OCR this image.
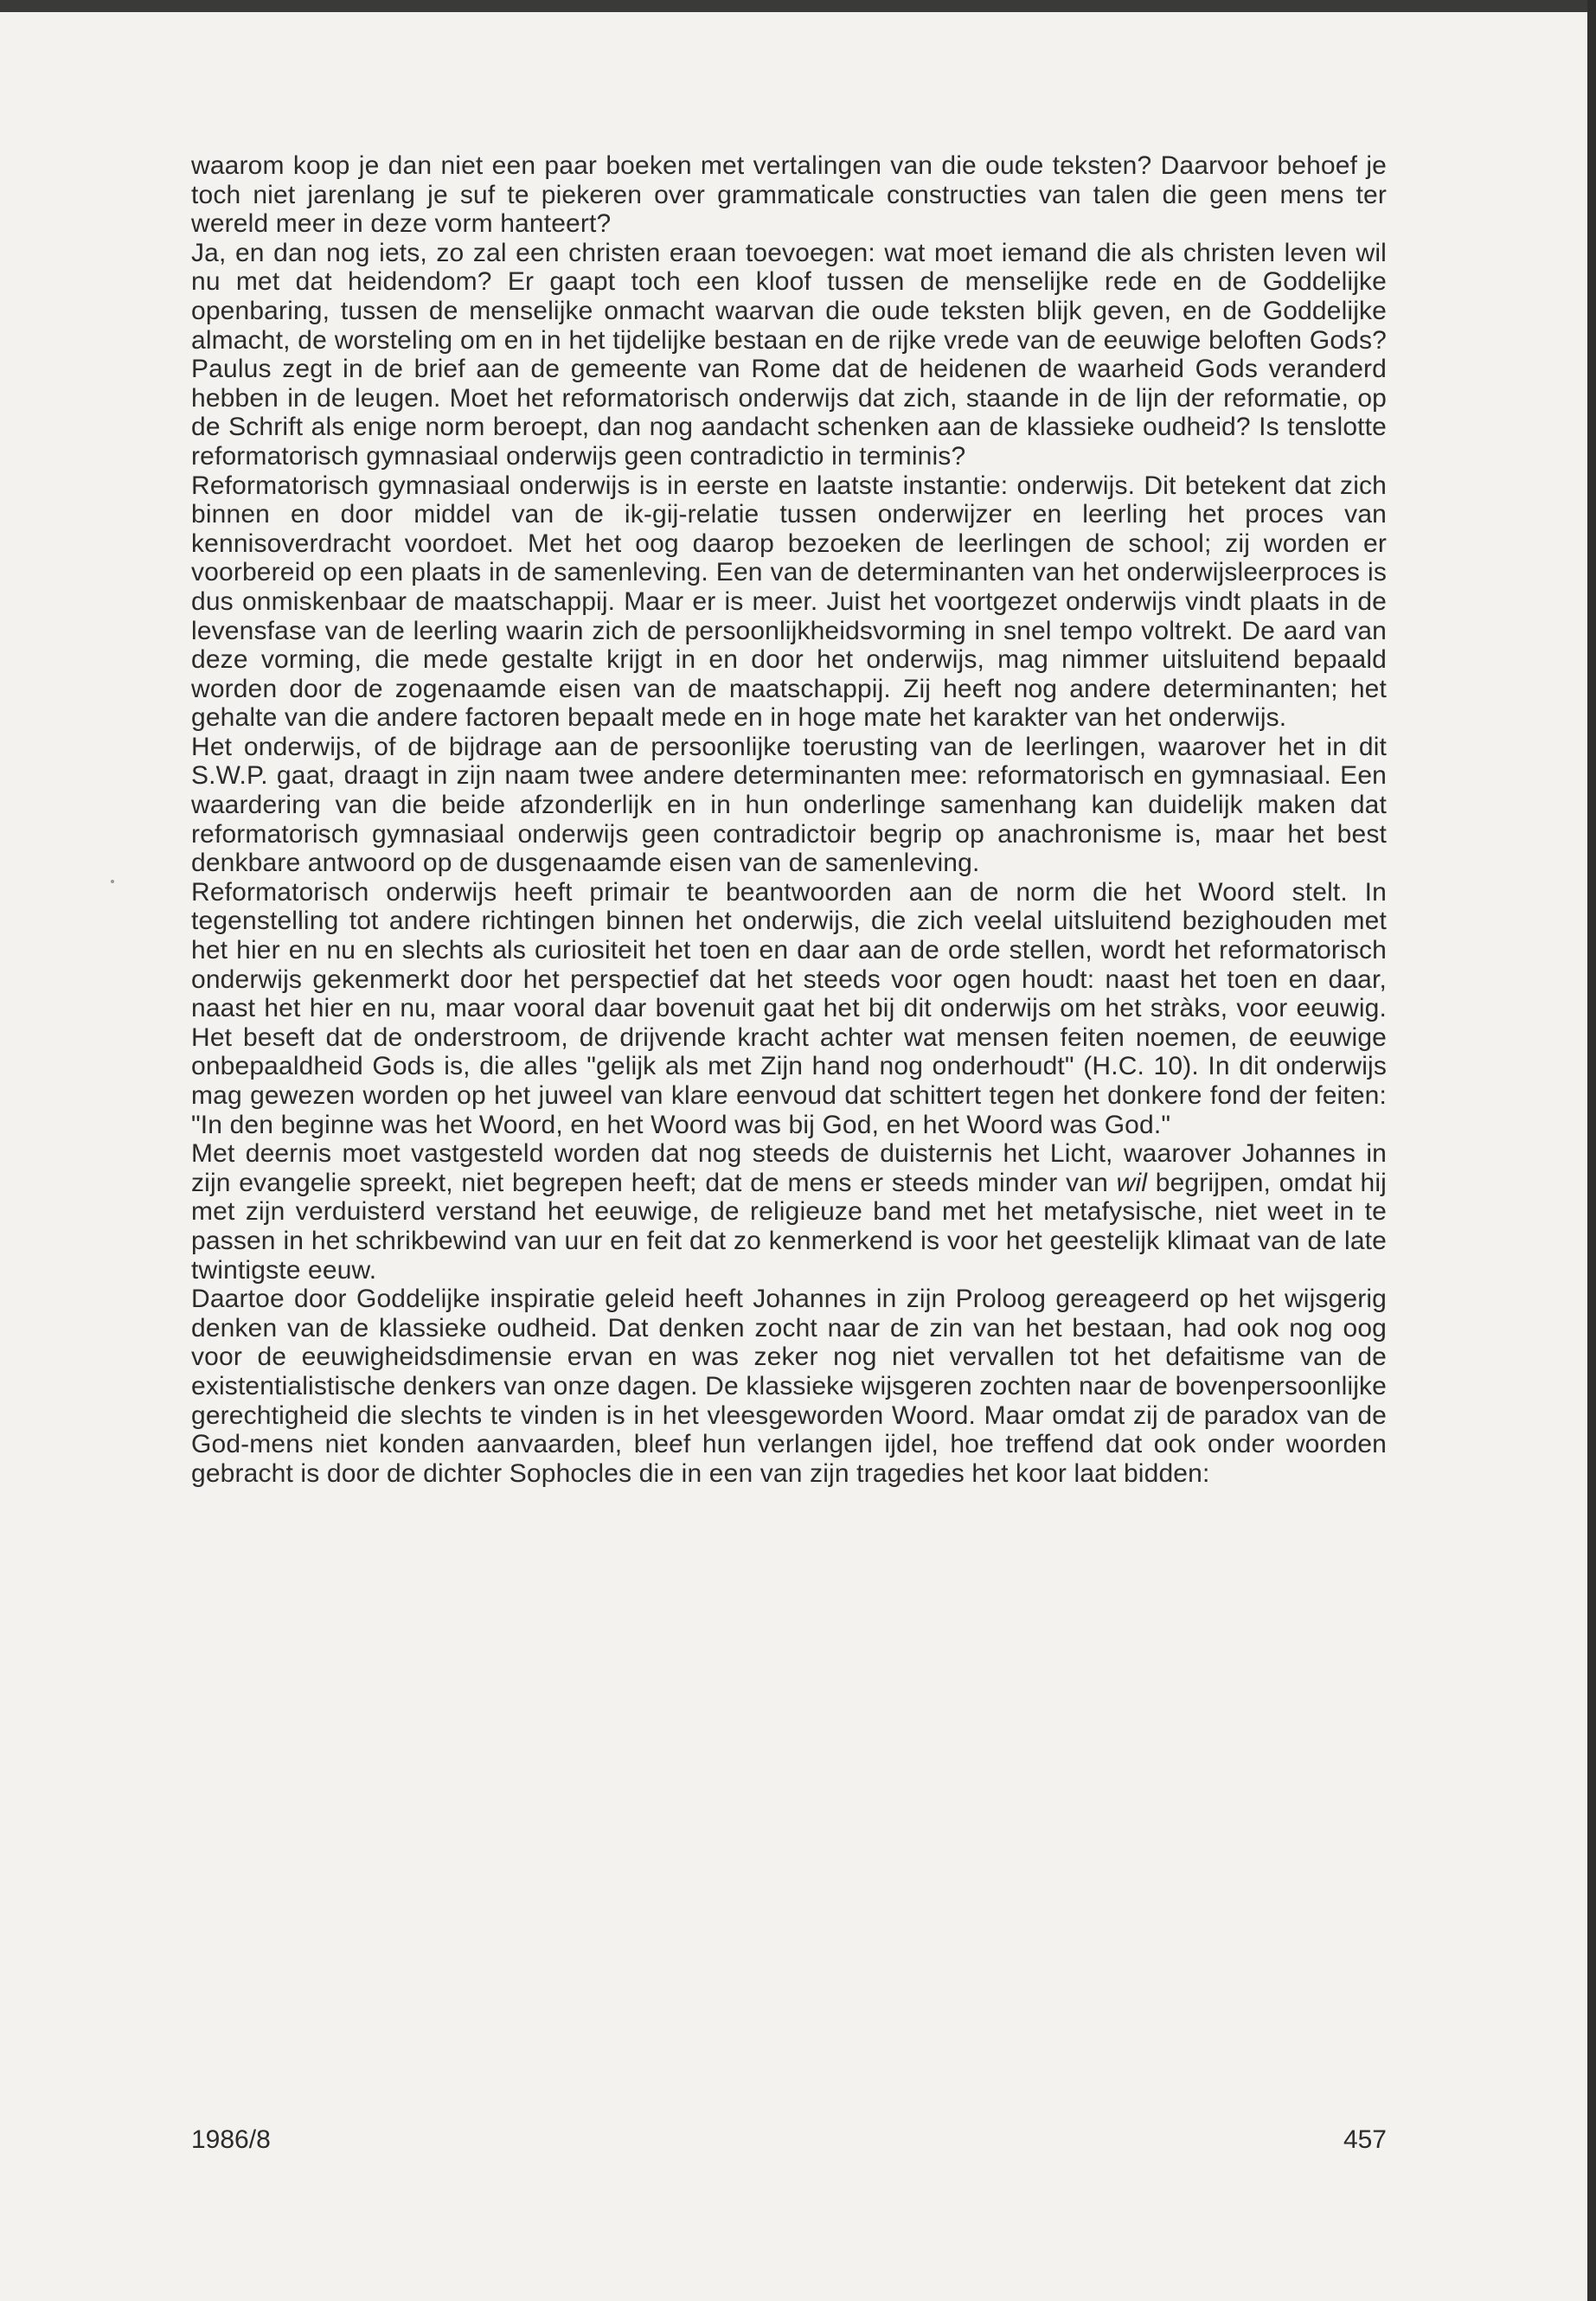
waarom koop je dan niet een paar boeken met vertalingen van die oude teksten? Daarvoor behoef je toch niet jarenlang je suf te piekeren over grammaticale constructies van talen die geen mens ter wereld meer in deze vorm hanteert?

Ja, en dan nog iets, zo zal een christen eraan toevoegen: wat moet iemand die als christen leven wil nu met dat heidendom? Er gaapt toch een kloof tussen de menselijke rede en de Goddelijke openbaring, tussen de menselijke onmacht waarvan die oude teksten blijk geven, en de Goddelijke almacht, de worsteling om en in het tijdelijke bestaan en de rijke vrede van de eeuwige beloften Gods? Paulus zegt in de brief aan de gemeente van Rome dat de heidenen de waarheid Gods veranderd hebben in de leugen. Moet het reformatorisch onderwijs dat zich, staande in de lijn der reformatie, op de Schrift als enige norm beroept, dan nog aandacht schenken aan de klassieke oudheid? Is tenslotte reformatorisch gymnasiaal onderwijs geen contradictio in terminis?

Reformatorisch gymnasiaal onderwijs is in eerste en laatste instantie: onderwijs. Dit betekent dat zich binnen en door middel van de ik-gij-relatie tussen onderwijzer en leerling het proces van kennisoverdracht voordoet. Met het oog daarop bezoeken de leerlingen de school; zij worden er voorbereid op een plaats in de samenleving. Een van de determinanten van het onderwijsleerproces is dus onmiskenbaar de maatschappij. Maar er is meer. Juist het voortgezet onderwijs vindt plaats in de levensfase van de leerling waarin zich de persoonlijkheidsvorming in snel tempo voltrekt. De aard van deze vorming, die mede gestalte krijgt in en door het onderwijs, mag nimmer uitsluitend bepaald worden door de zogenaamde eisen van de maatschappij. Zij heeft nog andere determinanten; het gehalte van die andere factoren bepaalt mede en in hoge mate het karakter van het onderwijs.

Het onderwijs, of de bijdrage aan de persoonlijke toerusting van de leerlingen, waarover het in dit S.W.P. gaat, draagt in zijn naam twee andere determinanten mee: reformatorisch en gymnasiaal. Een waardering van die beide afzonderlijk en in hun onderlinge samenhang kan duidelijk maken dat reformatorisch gymnasiaal onderwijs geen contradictoir begrip op anachronisme is, maar het best denkbare antwoord op de dusgenaamde eisen van de samenleving.

Reformatorisch onderwijs heeft primair te beantwoorden aan de norm die het Woord stelt. In tegenstelling tot andere richtingen binnen het onderwijs, die zich veelal uitsluitend bezighouden met het hier en nu en slechts als curiositeit het toen en daar aan de orde stellen, wordt het reformatorisch onderwijs gekenmerkt door het perspectief dat het steeds voor ogen houdt: naast het toen en daar, naast het hier en nu, maar vooral daar bovenuit gaat het bij dit onderwijs om het stràks, voor eeuwig. Het beseft dat de onderstroom, de drijvende kracht achter wat mensen feiten noemen, de eeuwige onbepaaldheid Gods is, die alles "gelijk als met Zijn hand nog onderhoudt" (H.C. 10). In dit onderwijs mag gewezen worden op het juweel van klare eenvoud dat schittert tegen het donkere fond der feiten: "In den beginne was het Woord, en het Woord was bij God, en het Woord was God."

Met deernis moet vastgesteld worden dat nog steeds de duisternis het Licht, waarover Johannes in zijn evangelie spreekt, niet begrepen heeft; dat de mens er steeds minder van wil begrijpen, omdat hij met zijn verduisterd verstand het eeuwige, de religieuze band met het metafysische, niet weet in te passen in het schrikbewind van uur en feit dat zo kenmerkend is voor het geestelijk klimaat van de late twintigste eeuw.

Daartoe door Goddelijke inspiratie geleid heeft Johannes in zijn Proloog gereageerd op het wijsgerig denken van de klassieke oudheid. Dat denken zocht naar de zin van het bestaan, had ook nog oog voor de eeuwigheidsdimensie ervan en was zeker nog niet vervallen tot het defaitisme van de existentialistische denkers van onze dagen. De klassieke wijsgeren zochten naar de bovenpersoonlijke gerechtigheid die slechts te vinden is in het vleesgeworden Woord. Maar omdat zij de paradox van de God-mens niet konden aanvaarden, bleef hun verlangen ijdel, hoe treffend dat ook onder woorden gebracht is door de dichter Sophocles die in een van zijn tragedies het koor laat bidden:

1986/8	457
